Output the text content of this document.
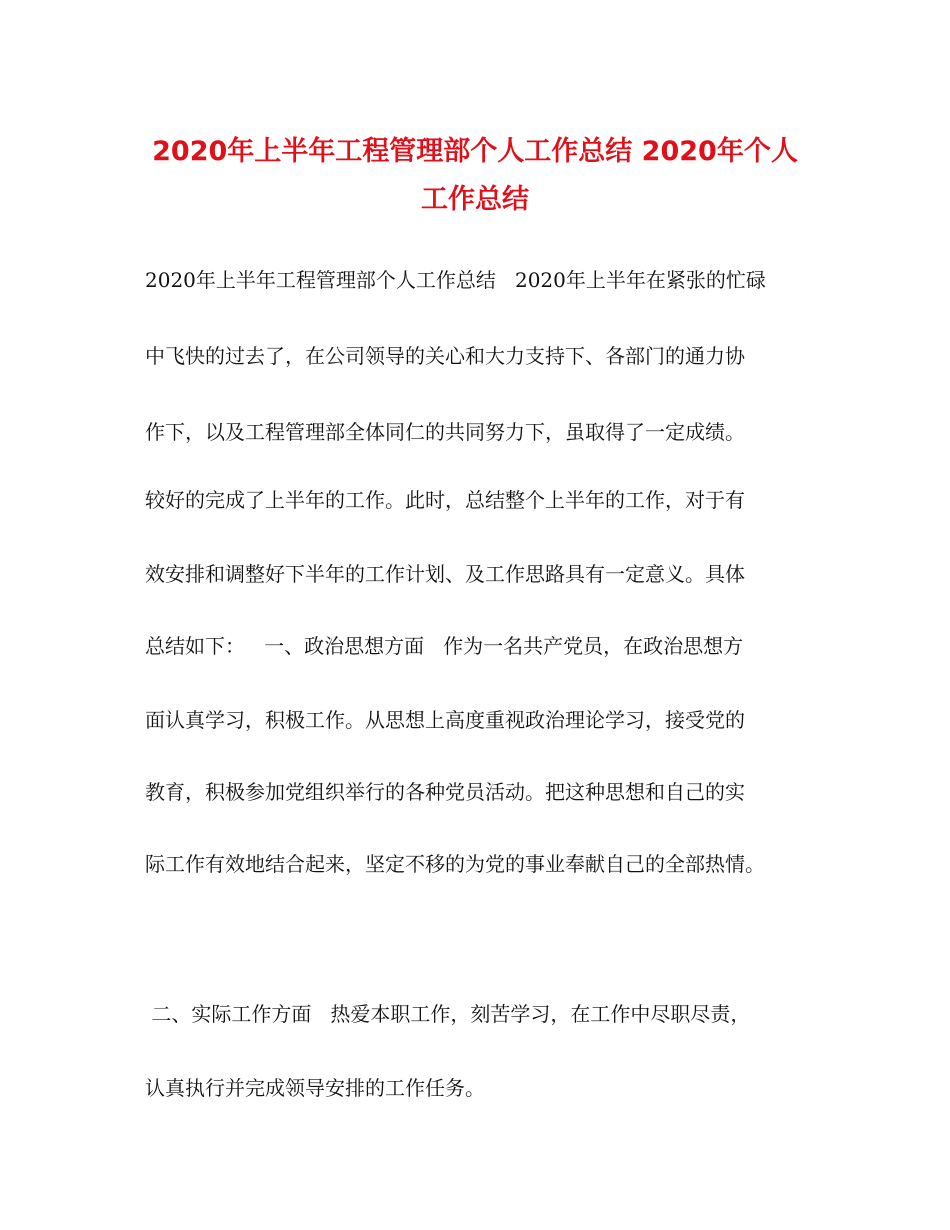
2020年上半年工程管理部个人工作总结 2020年个人
工作总结

2020年上半年工程管理部个人工作总结   2020年上半年在紧张的忙碌

中飞快的过去了，在公司领导的关心和大力支持下、各部门的通力协

作下，以及工程管理部全体同仁的共同努力下，虽取得了一定成绩。

较好的完成了上半年的工作。此时，总结整个上半年的工作，对于有

效安排和调整好下半年的工作计划、及工作思路具有一定意义。具体

总结如下：   一、政治思想方面   作为一名共产党员，在政治思想方

面认真学习，积极工作。从思想上高度重视政治理论学习，接受党的

教育，积极参加党组织举行的各种党员活动。把这种思想和自己的实

际工作有效地结合起来，坚定不移的为党的事业奉献自己的全部热情。

二、实际工作方面   热爱本职工作，刻苦学习，在工作中尽职尽责，

认真执行并完成领导安排的工作任务。
